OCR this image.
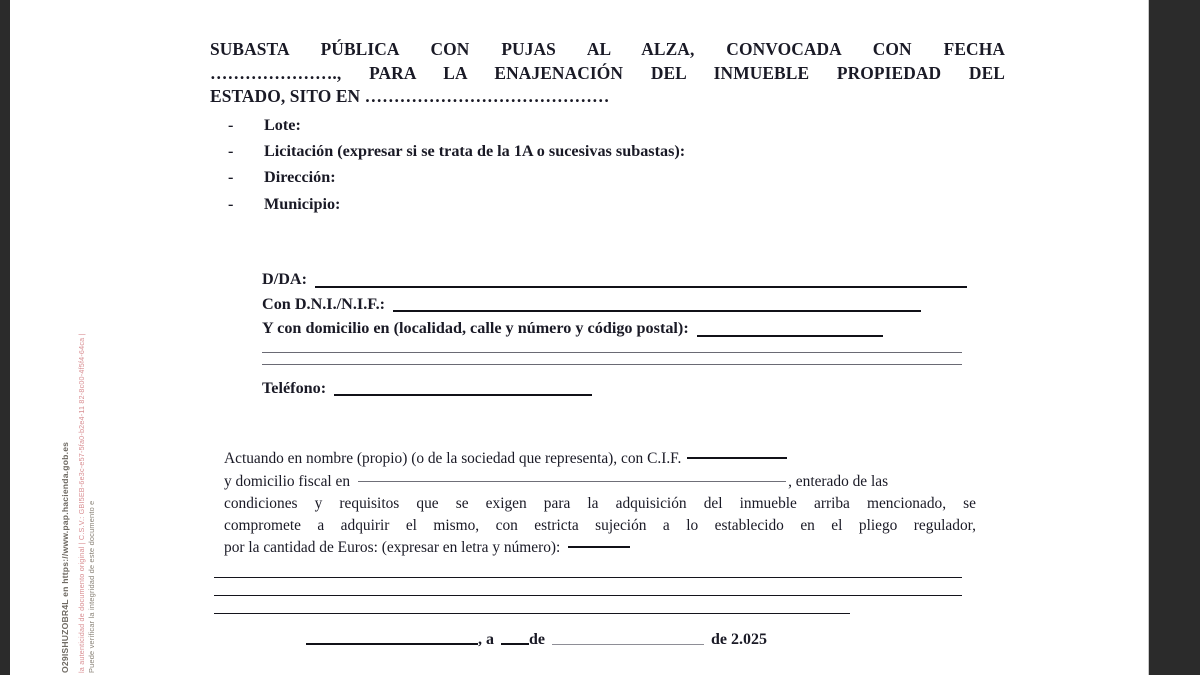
Puede verificar la integridad de este documento e
la autenticidad de documento original | C.S.V.: GBI5EB-6e3c-e57-5fa0-b2e4-11 82-8c00-4f5f4-64ca |
O29ISHUZOBR4L en https://www.pap.hacienda.gob.es
SUBASTA PÚBLICA CON PUJAS AL ALZA, CONVOCADA CON FECHA
…………………., PARA LA ENAJENACIÓN DEL INMUEBLE PROPIEDAD DEL
ESTADO, SITO EN ……………………………………
- Lote:
- Licitación (expresar si se trata de la 1A o sucesivas subastas):
- Dirección:
- Municipio:
D/DA:
Con D.N.I./N.I.F.:
Y con domicilio en (localidad, calle y número y código postal):
Teléfono:
Actuando en nombre (propio) (o de la sociedad que representa), con C.I.F.
y domicilio fiscal en	, enterado de las
condiciones y requisitos que se exigen para la adquisición del inmueble arriba mencionado, se
compromete a adquirir el mismo, con estricta sujeción a lo establecido en el pliego regulador,
por la cantidad de Euros: (expresar en letra y número):
, a de	de 2.025
